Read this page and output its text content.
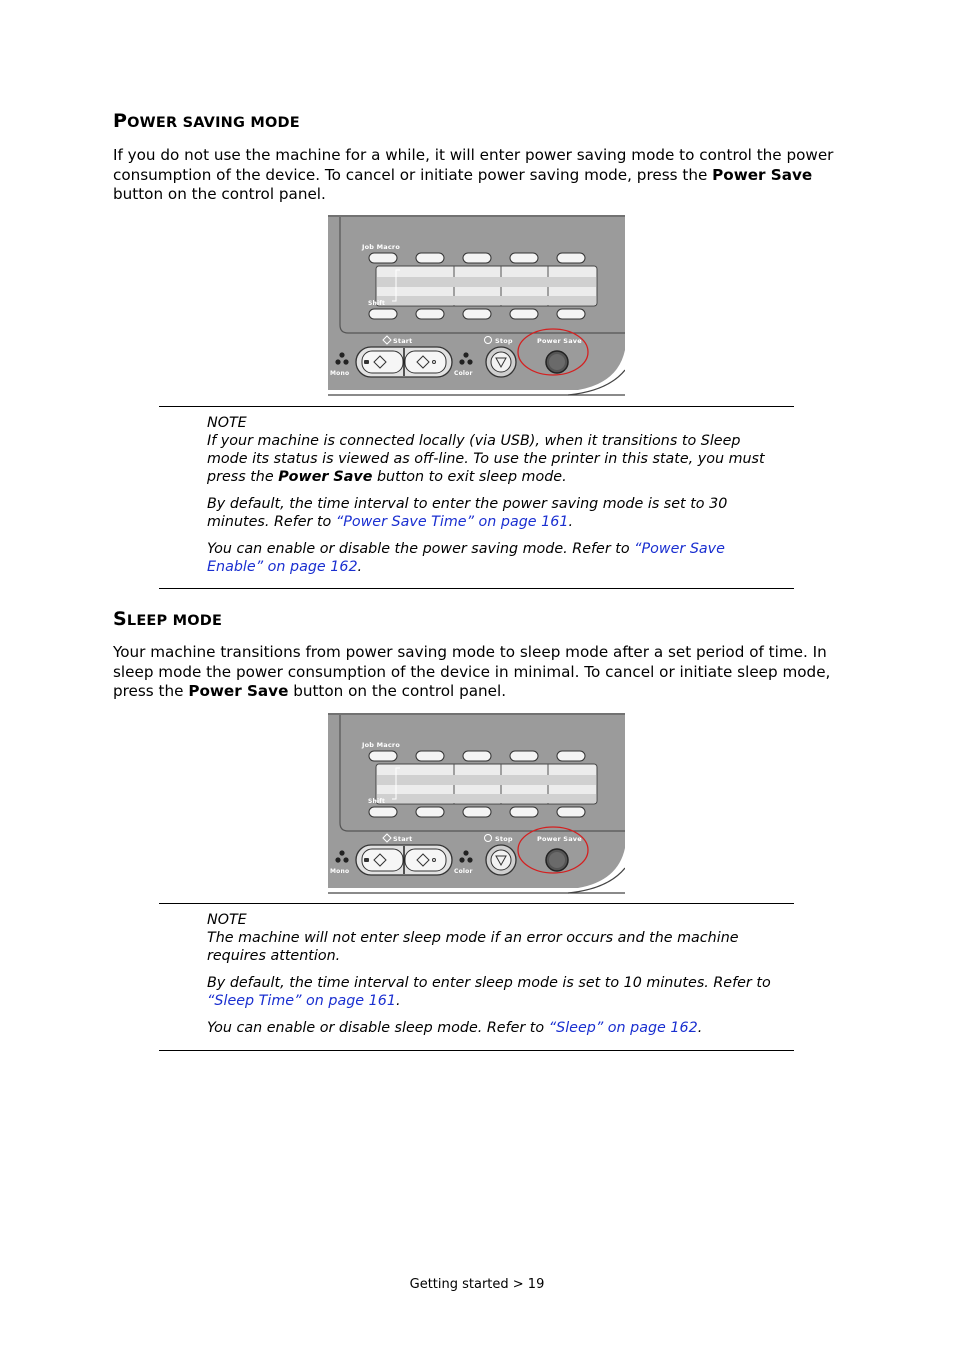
POWER SAVING MODE

If you do not use the machine for a while, it will enter power saving mode to control the power consumption of the device. To cancel or initiate power saving mode, press the Power Save button on the control panel.

Job Macro
Shift
Start	Stop	Power Save
Mono	Color

NOTE

If your machine is connected locally (via USB), when it transitions to Sleep mode its status is viewed as off-line. To use the printer in this state, you must press the Power Save button to exit sleep mode.

By default, the time interval to enter the power saving mode is set to 30 minutes. Refer to “Power Save Time” on page 161.

You can enable or disable the power saving mode. Refer to “Power Save Enable” on page 162.

SLEEP MODE

Your machine transitions from power saving mode to sleep mode after a set period of time. In sleep mode the power consumption of the device in minimal. To cancel or initiate sleep mode, press the Power Save button on the control panel.

Job Macro
Shift
Start	Stop	Power Save
Mono	Color

NOTE

The machine will not enter sleep mode if an error occurs and the machine requires attention.

By default, the time interval to enter sleep mode is set to 10 minutes. Refer to “Sleep Time” on page 161.

You can enable or disable sleep mode. Refer to “Sleep” on page 162.

Getting started > 19
